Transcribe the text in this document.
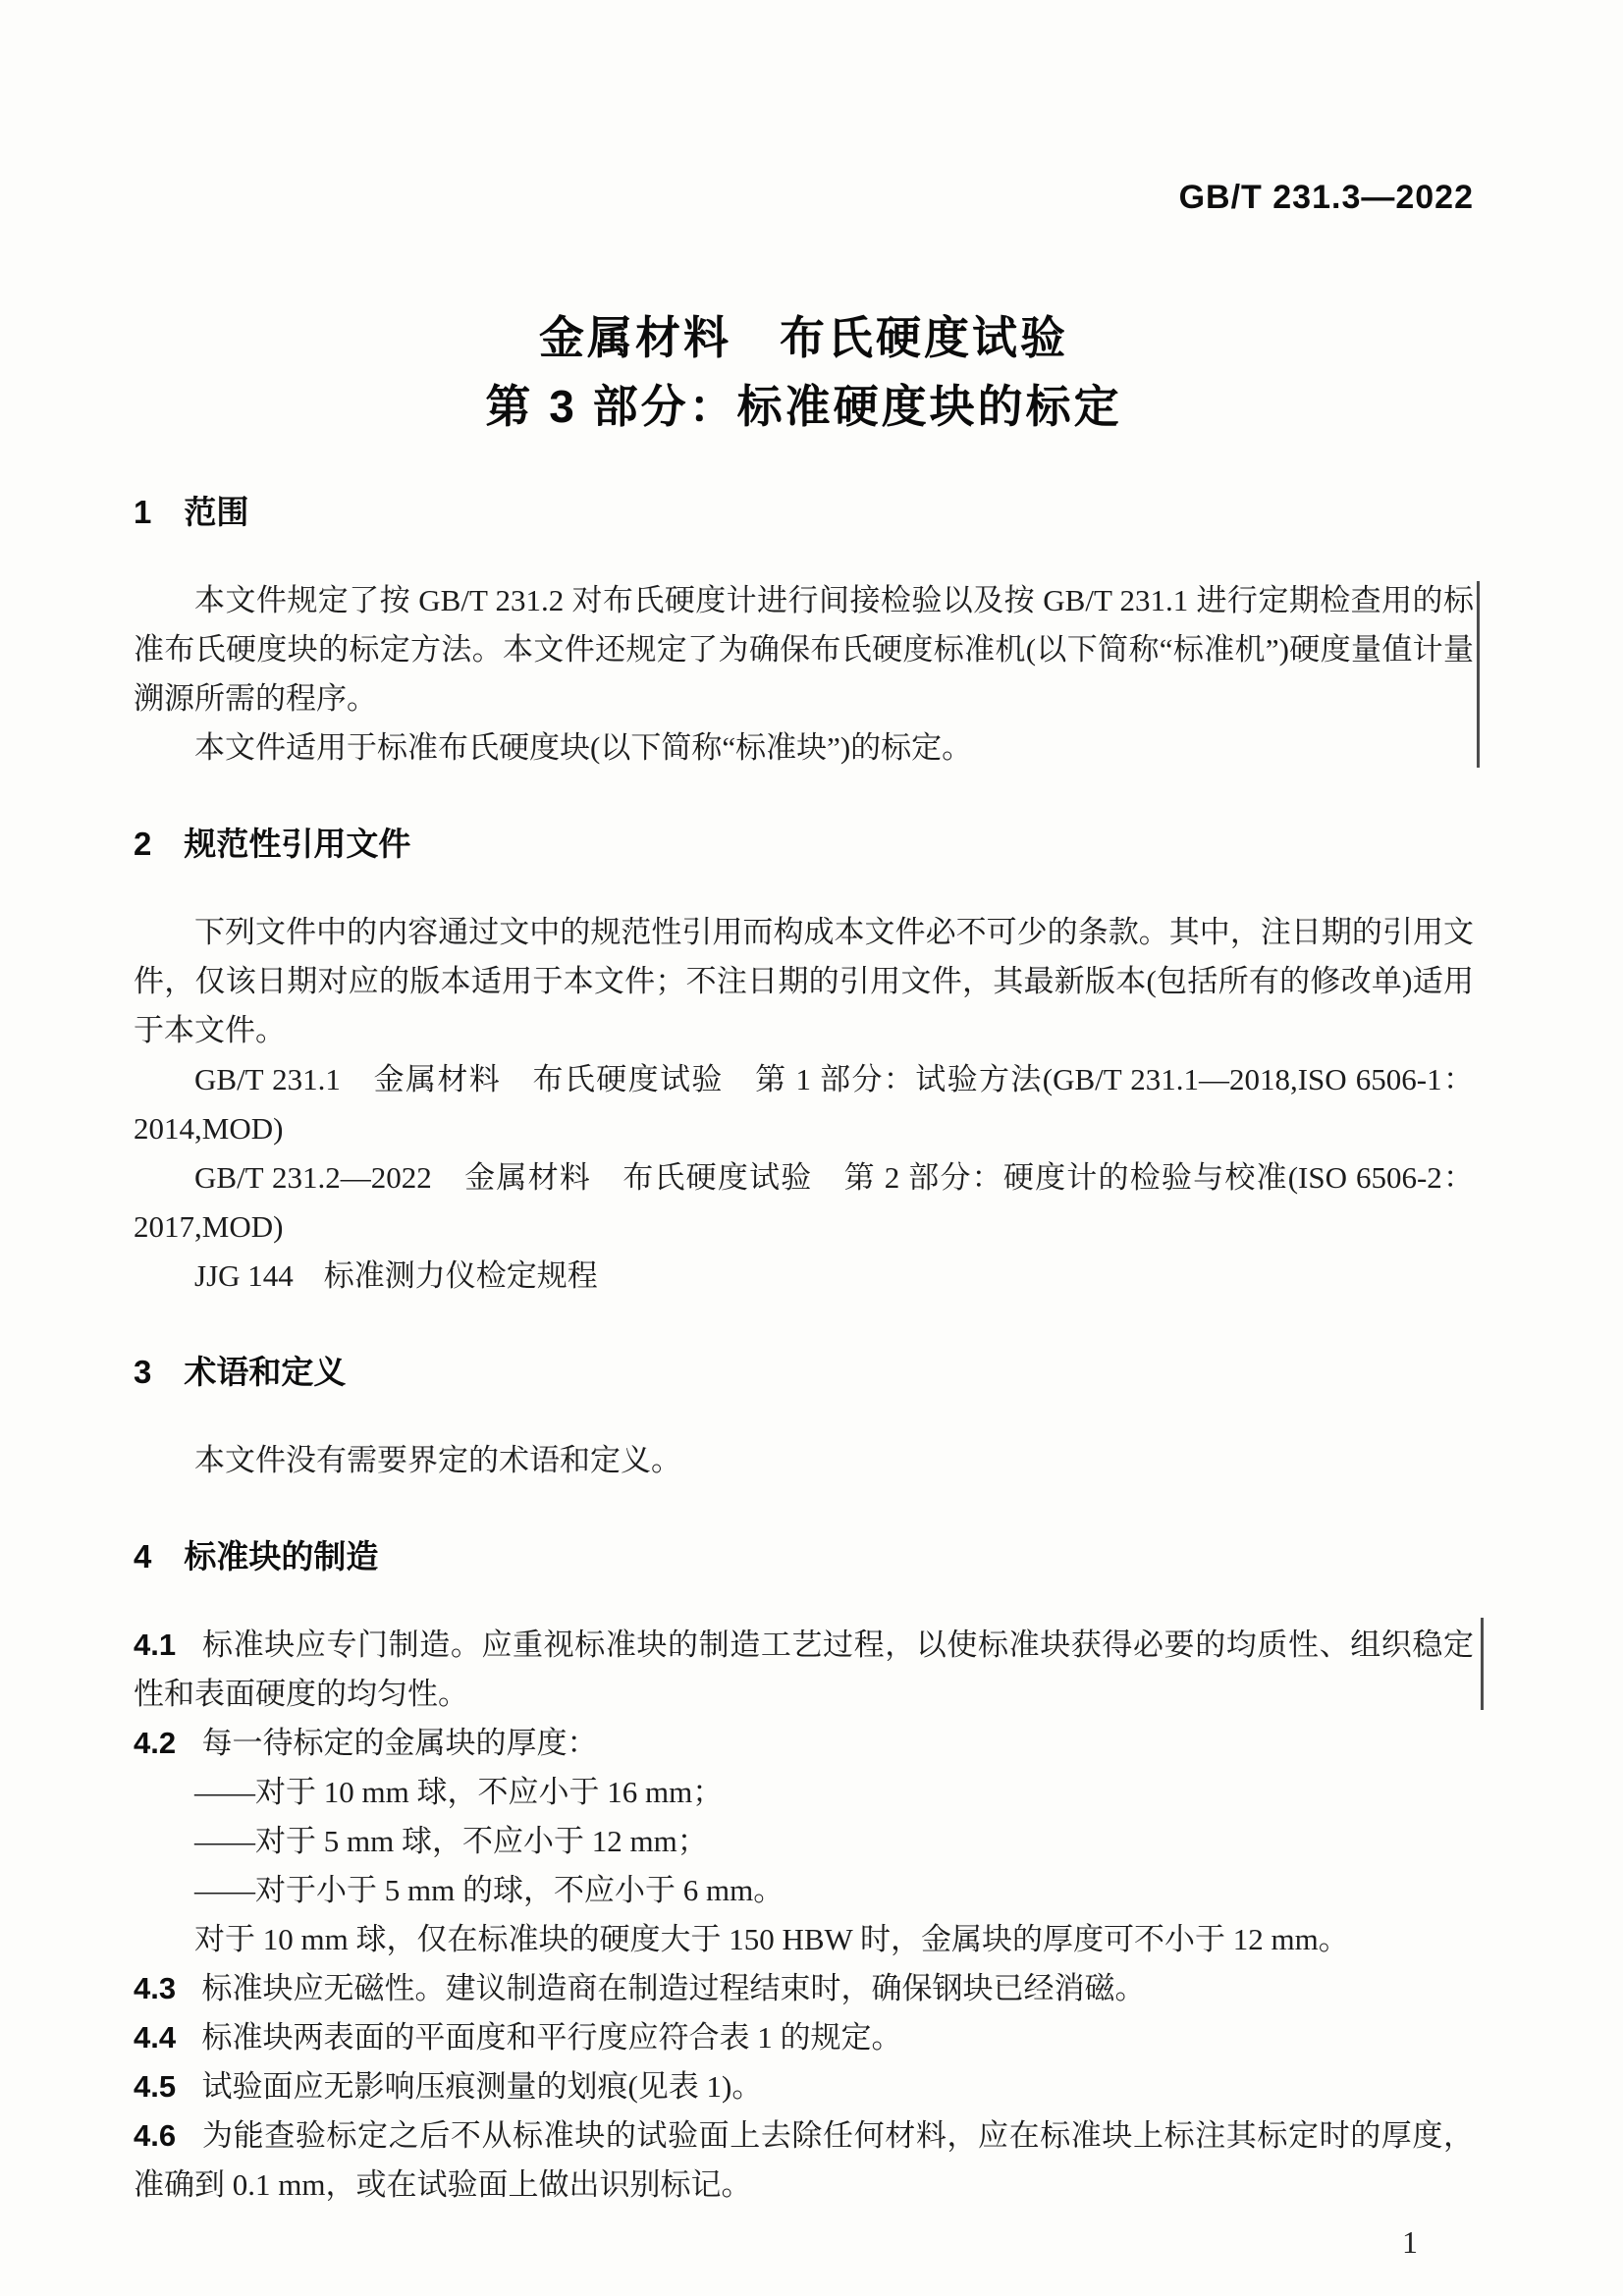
GB/T 231.3—2022
金属材料　布氏硬度试验
第 3 部分：标准硬度块的标定
1 范围

本文件规定了按 GB/T 231.2 对布氏硬度计进行间接检验以及按 GB/T 231.1 进行定期检查用的标准布氏硬度块的标定方法。本文件还规定了为确保布氏硬度标准机(以下简称“标准机”)硬度量值计量溯源所需的程序。

本文件适用于标准布氏硬度块(以下简称“标准块”)的标定。

2 规范性引用文件

下列文件中的内容通过文中的规范性引用而构成本文件必不可少的条款。其中，注日期的引用文件，仅该日期对应的版本适用于本文件；不注日期的引用文件，其最新版本(包括所有的修改单)适用于本文件。

GB/T 231.1　金属材料　布氏硬度试验　第 1 部分：试验方法(GB/T 231.1—2018,ISO 6506-1：2014,MOD)

GB/T 231.2—2022　金属材料　布氏硬度试验　第 2 部分：硬度计的检验与校准(ISO 6506-2：2017,MOD)

JJG 144　标准测力仪检定规程

3 术语和定义

本文件没有需要界定的术语和定义。

4 标准块的制造

4.1 标准块应专门制造。应重视标准块的制造工艺过程，以使标准块获得必要的均质性、组织稳定性和表面硬度的均匀性。

4.2 每一待标定的金属块的厚度：

——对于 10 mm 球，不应小于 16 mm；

——对于 5 mm 球，不应小于 12 mm；

——对于小于 5 mm 的球，不应小于 6 mm。

对于 10 mm 球，仅在标准块的硬度大于 150 HBW 时，金属块的厚度可不小于 12 mm。

4.3 标准块应无磁性。建议制造商在制造过程结束时，确保钢块已经消磁。

4.4 标准块两表面的平面度和平行度应符合表 1 的规定。

4.5 试验面应无影响压痕测量的划痕(见表 1)。

4.6 为能查验标定之后不从标准块的试验面上去除任何材料，应在标准块上标注其标定时的厚度，准确到 0.1 mm，或在试验面上做出识别标记。

1
